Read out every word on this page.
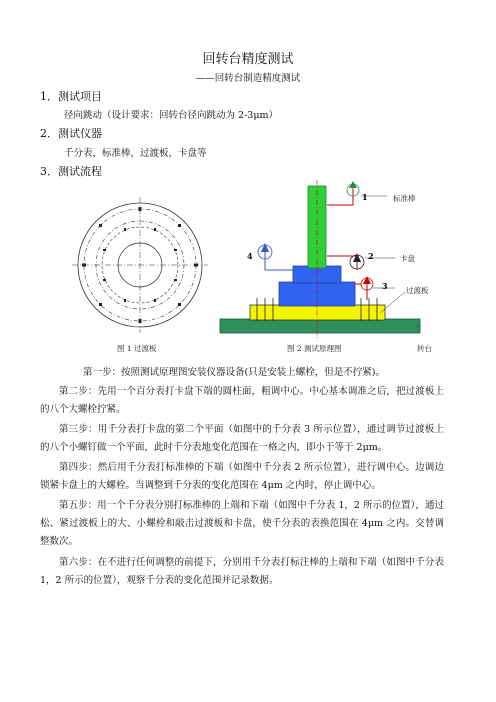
回转台精度测试
——回转台制造精度测试
1．测试项目
径向跳动（设计要求：回转台径向跳动为 2-3μm）
2．测试仪器
千分表，标准棒，过渡板，卡盘等
3．测试流程
图 1 过渡板
1
2
3
4
标准棒
卡盘
过渡板
转台
图 2 测试原理图
第一步：按照测试原理图安装仪器设备(只是安装上螺栓，但是不拧紧)。
第二步：先用一个百分表打卡盘下端的圆柱面，粗调中心。中心基本调准之后，把过渡板上的八个大螺栓拧紧。
第三步：用千分表打卡盘的第二个平面（如图中的千分表 3 所示位置），通过调节过渡板上的八个小螺钉做一个平面，此时千分表地变化范围在一格之内，即小于等于 2μm。
第四步：然后用千分表打标准棒的下端（如图中千分表 2 所示位置），进行调中心。边调边锁紧卡盘上的大螺栓。当调整到千分表的变化范围在 4μm 之内时，停止调中心。
第五步：用一个千分表分别打标准棒的上端和下端（如图中千分表 1，2 所示的位置），通过松、紧过渡板上的大、小螺栓和敲击过渡板和卡盘，使千分表的表换范围在 4μm 之内。交替调整数次。
第六步：在不进行任何调整的前提下，分别用千分表打标注棒的上端和下端（如图中千分表 1，2 所示的位置），观察千分表的变化范围并记录数据。
